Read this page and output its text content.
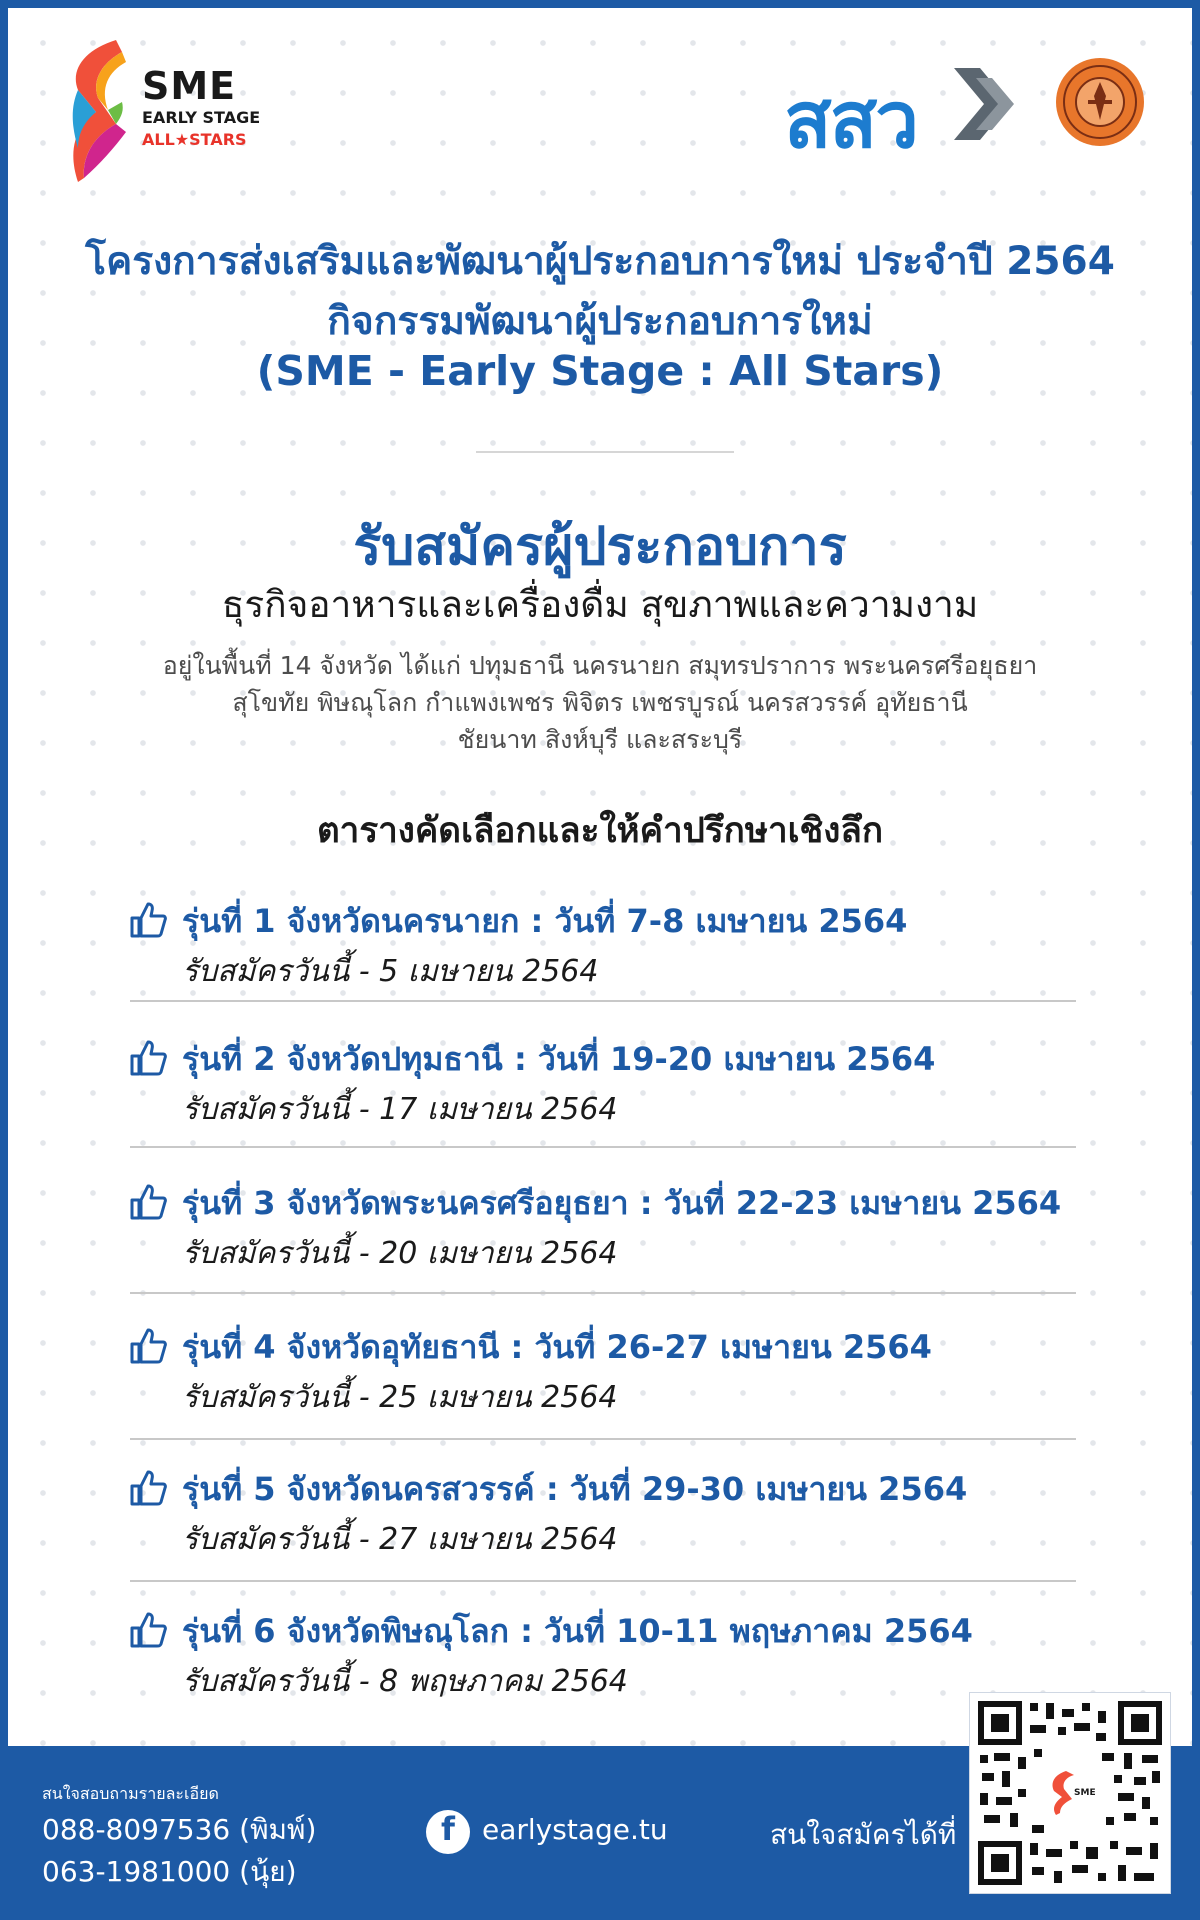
SME
EARLY STAGE
ALL★STARS	สสว
โครงการส่งเสริมและพัฒนาผู้ประกอบการใหม่ ประจำปี 2564
กิจกรรมพัฒนาผู้ประกอบการใหม่
(SME - Early Stage : All Stars)
รับสมัครผู้ประกอบการ
ธุรกิจอาหารและเครื่องดื่ม สุขภาพและความงาม
อยู่ในพื้นที่ 14 จังหวัด ได้แก่ ปทุมธานี นครนายก สมุทรปราการ พระนครศรีอยุธยา
สุโขทัย พิษณุโลก กำแพงเพชร พิจิตร เพชรบูรณ์ นครสวรรค์ อุทัยธานี
ชัยนาท สิงห์บุรี และสระบุรี
ตารางคัดเลือกและให้คำปรึกษาเชิงลึก
รุ่นที่ 1 จังหวัดนครนายก : วันที่ 7-8 เมษายน 2564
รับสมัครวันนี้ - 5 เมษายน 2564
รุ่นที่ 2 จังหวัดปทุมธานี : วันที่ 19-20 เมษายน 2564
รับสมัครวันนี้ - 17 เมษายน 2564
รุ่นที่ 3 จังหวัดพระนครศรีอยุธยา : วันที่ 22-23 เมษายน 2564
รับสมัครวันนี้ - 20 เมษายน 2564
รุ่นที่ 4 จังหวัดอุทัยธานี : วันที่ 26-27 เมษายน 2564
รับสมัครวันนี้ - 25 เมษายน 2564
รุ่นที่ 5 จังหวัดนครสวรรค์ : วันที่ 29-30 เมษายน 2564
รับสมัครวันนี้ - 27 เมษายน 2564
รุ่นที่ 6 จังหวัดพิษณุโลก : วันที่ 10-11 พฤษภาคม 2564
รับสมัครวันนี้ - 8 พฤษภาคม 2564
สนใจสอบถามรายละเอียด
088-8097536 (พิมพ์)
063-1981000 (นุ้ย)
f earlystage.tu	สนใจสมัครได้ที่
SME
